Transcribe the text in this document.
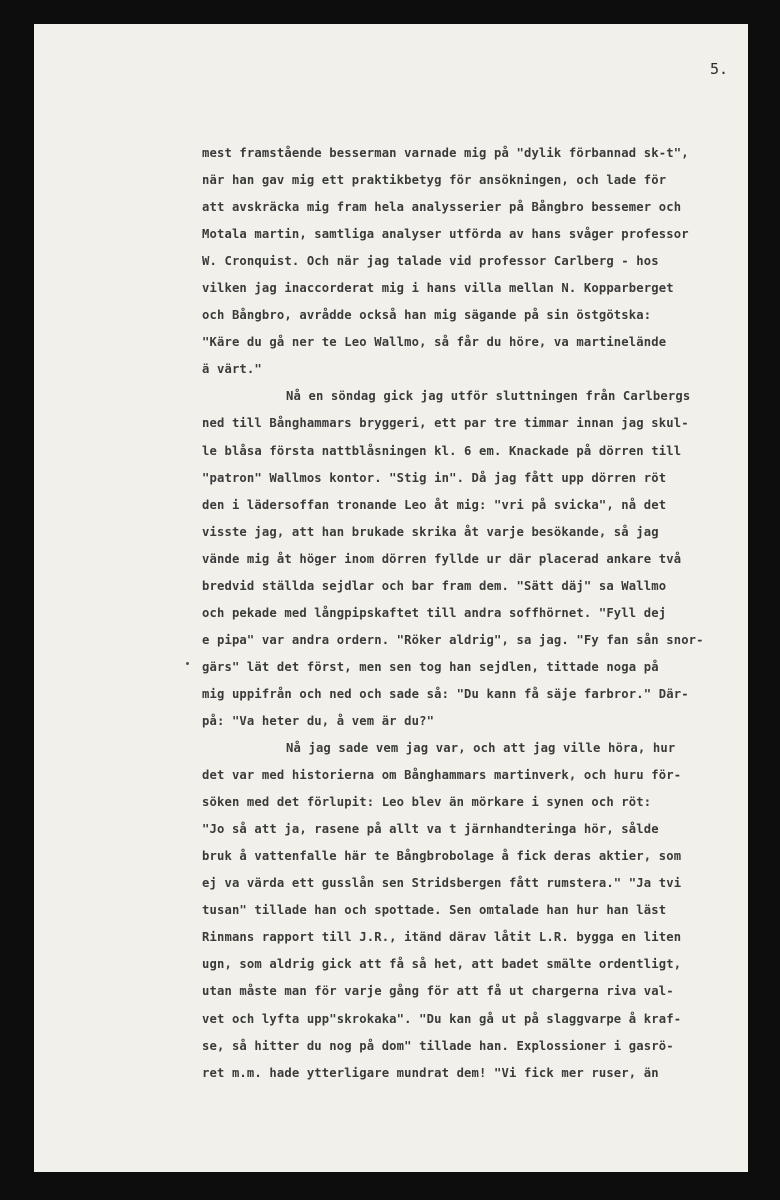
5.

mest framstående besserman varnade mig på "dylik förbannad sk-t",

när han gav mig ett praktikbetyg för ansökningen, och lade för

att avskräcka mig fram hela analysserier på Bångbro bessemer och

Motala martin, samtliga analyser utförda av hans svåger professor

W. Cronquist. Och när jag talade vid professor Carlberg - hos

vilken jag inaccorderat mig i hans villa mellan N. Kopparberget

och Bångbro, avrådde också han mig sägande på sin östgötska:

"Käre du gå ner te Leo Wallmo, så får du höre, va martinelände

ä värt."

Nå en söndag gick jag utför sluttningen från Carlbergs

ned till Bånghammars bryggeri, ett par tre timmar innan jag skul-

le blåsa första nattblåsningen kl. 6 em. Knackade på dörren till

"patron" Wallmos kontor. "Stig in". Då jag fått upp dörren röt

den i lädersoffan tronande Leo åt mig: "vri på svicka", nå det

visste jag, att han brukade skrika åt varje besökande, så jag

vände mig åt höger inom dörren fyllde ur där placerad ankare två

bredvid ställda sejdlar och bar fram dem. "Sätt däj" sa Wallmo

och pekade med långpipskaftet till andra soffhörnet. "Fyll dej

e pipa" var andra ordern. "Röker aldrig", sa jag. "Fy fan sån snor-

gärs" lät det först, men sen tog han sejdlen, tittade noga på

mig uppifrån och ned och sade så: "Du kann få säje farbror." Där-

på: "Va heter du, å vem är du?"

Nå jag sade vem jag var, och att jag ville höra, hur

det var med historierna om Bånghammars martinverk, och huru för-

söken med det förlupit: Leo blev än mörkare i synen och röt:

"Jo så att ja, rasene på allt va t järnhandteringa hör, sålde

bruk å vattenfalle här te Bångbrobolage å fick deras aktier, som

ej va värda ett gusslån sen Stridsbergen fått rumstera." "Ja tvi

tusan" tillade han och spottade. Sen omtalade han hur han läst

Rinmans rapport till J.R., itänd därav låtit L.R. bygga en liten

ugn, som aldrig gick att få så het, att badet smälte ordentligt,

utan måste man för varje gång för att få ut chargerna riva val-

vet och lyfta upp"skrokaka". "Du kan gå ut på slaggvarpe å kraf-

se, så hitter du nog på dom" tillade han. Explossioner i gasrö-

ret m.m. hade ytterligare mundrat dem! "Vi fick mer ruser, än
